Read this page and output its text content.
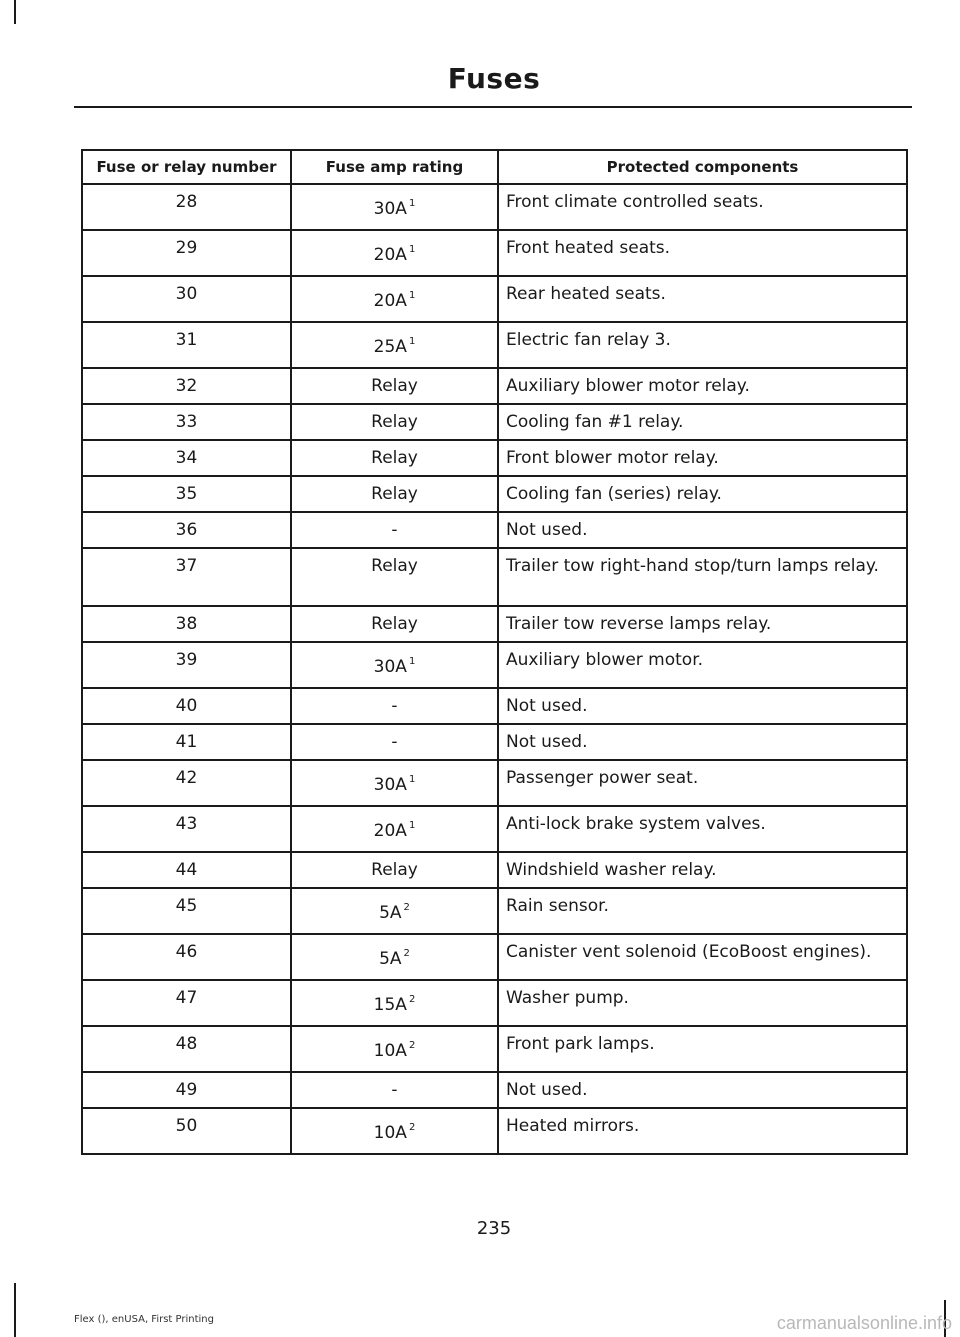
Fuses
Fuse or relay number	Fuse amp rating	Protected components
28	30A $^1$	Front climate controlled seats.
29	20A $^1$	Front heated seats.
30	20A $^1$	Rear heated seats.
31	25A $^1$	Electric fan relay 3.
32	Relay	Auxiliary blower motor relay.
33	Relay	Cooling fan #1 relay.
34	Relay	Front blower motor relay.
35	Relay	Cooling fan (series) relay.
36	-	Not used.
37	Relay	Trailer tow right-hand stop/turn lamps relay.
38	Relay	Trailer tow reverse lamps relay.
39	30A $^1$	Auxiliary blower motor.
40	-	Not used.
41	-	Not used.
42	30A $^1$	Passenger power seat.
43	20A $^1$	Anti-lock brake system valves.
44	Relay	Windshield washer relay.
45	5A $^2$	Rain sensor.
46	5A $^2$	Canister vent solenoid (EcoBoost engines).
47	15A $^2$	Washer pump.
48	10A $^2$	Front park lamps.
49	-	Not used.
50	10A $^2$	Heated mirrors.
235
Flex (), enUSA, First Printing	carmanualsonline.info
